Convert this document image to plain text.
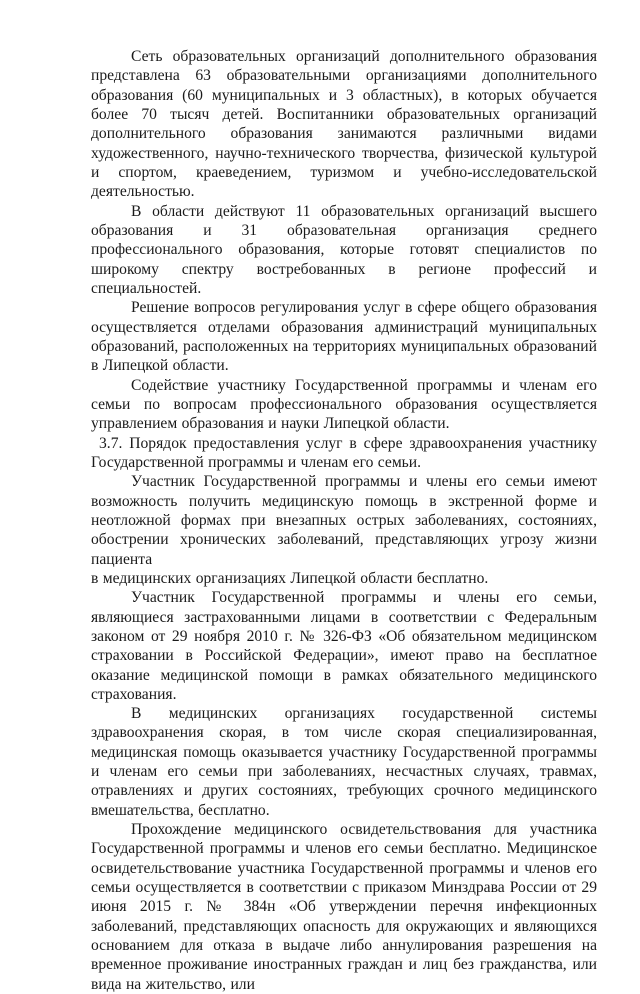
Сеть образовательных организаций дополнительного образования представлена 63 образовательными организациями дополнительного образования (60 муниципальных и 3 областных), в которых обучается более 70 тысяч детей. Воспитанники образовательных организаций дополнительного образования занимаются различными видами художественного, научно-технического творчества, физической культурой и спортом, краеведением, туризмом и учебно-исследовательской деятельностью.

В области действуют 11 образовательных организаций высшего образования и 31 образовательная организация среднего профессионального образования, которые готовят специалистов по широкому спектру востребованных в регионе профессий и специальностей.

Решение вопросов регулирования услуг в сфере общего образования осуществляется отделами образования администраций муниципальных образований, расположенных на территориях муниципальных образований в Липецкой области.

Содействие участнику Государственной программы и членам его семьи по вопросам профессионального образования осуществляется управлением образования и науки Липецкой области.

3.7. Порядок предоставления услуг в сфере здравоохранения участнику Государственной программы и членам его семьи.

Участник Государственной программы и члены его семьи имеют возможность получить медицинскую помощь в экстренной форме и неотложной формах при внезапных острых заболеваниях, состояниях, обострении хронических заболеваний, представляющих угрозу жизни пациента

в медицинских организациях Липецкой области бесплатно.

Участник Государственной программы и члены его семьи, являющиеся застрахованными лицами в соответствии с Федеральным законом от 29 ноября 2010 г. № 326-ФЗ «Об обязательном медицинском страховании в Российской Федерации», имеют право на бесплатное оказание медицинской помощи в рамках обязательного медицинского страхования.

В медицинских организациях государственной системы здравоохранения скорая, в том числе скорая специализированная, медицинская помощь оказывается участнику Государственной программы и членам его семьи при заболеваниях, несчастных случаях, травмах, отравлениях и других состояниях, требующих срочного медицинского вмешательства, бесплатно.

Прохождение медицинского освидетельствования для участника Государственной программы и членов его семьи бесплатно. Медицинское освидетельствование участника Государственной программы и членов его семьи осуществляется в соответствии с приказом Минздрава России от 29 июня 2015 г. № 384н «Об утверждении перечня инфекционных заболеваний, представляющих опасность для окружающих и являющихся основанием для отказа в выдаче либо аннулирования разрешения на временное проживание иностранных граждан и лиц без гражданства, или вида на жительство, или
